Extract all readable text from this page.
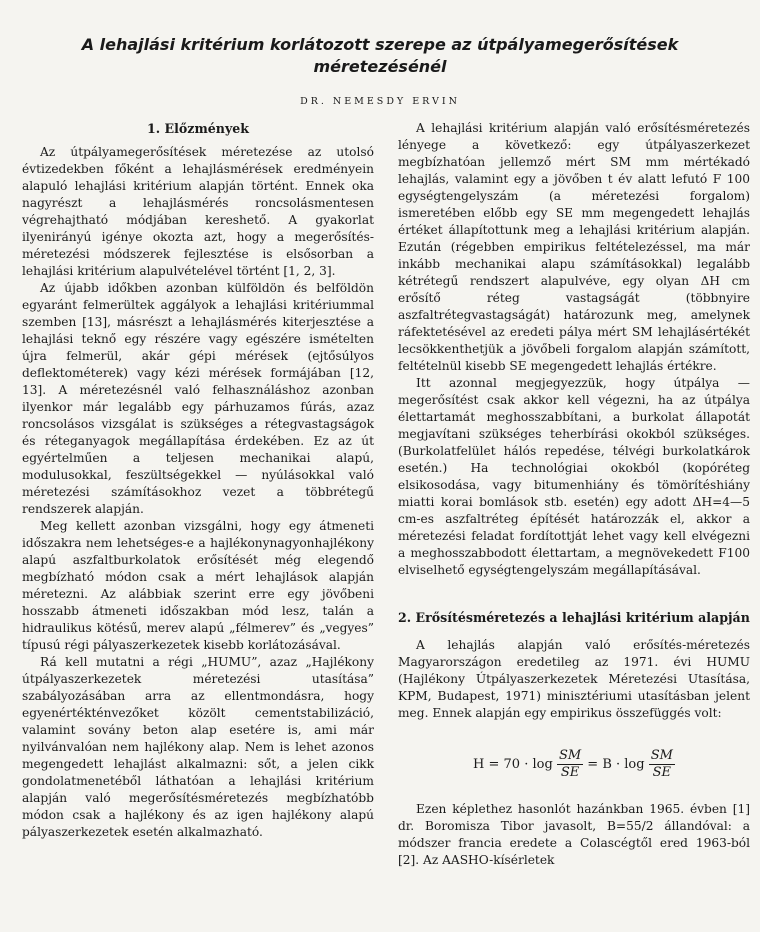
A lehajlási kritérium korlátozott szerepe az útpályamegerősítések
méretezésénél
DR. NEMESDY ERVIN
1. Előzmények

Az útpályamegerősítések méretezése az utolsó évtizedekben főként a lehajlásmérések eredményein alapuló lehajlási kritérium alapján történt. Ennek oka nagyrészt a lehajlásmérés roncsolásmentesen végrehajtható módjában kereshető. A gyakorlat ilyenirányú igénye okozta azt, hogy a megerősítés-méretezési módszerek fejlesztése is elsősorban a lehajlási kritérium alapulvételével történt [1, 2, 3].

Az újabb időkben azonban külföldön és belföldön egyaránt felmerültek aggályok a lehajlási kritériummal szemben [13], másrészt a lehajlásmérés kiterjesztése a lehajlási teknő egy részére vagy egészére ismételten újra felmerül, akár gépi mérések (ejtősúlyos deflektométerek) vagy kézi mérések formájában [12, 13]. A méretezésnél való felhasználáshoz azonban ilyenkor már legalább egy párhuzamos fúrás, azaz roncsolásos vizsgálat is szükséges a rétegvastagságok és réteganyagok megállapítása érdekében. Ez az út egyértelműen a teljesen mechanikai alapú, modulusokkal, feszültségekkel — nyúlásokkal való méretezési számításokhoz vezet a többrétegű rendszerek alapján.

Meg kellett azonban vizsgálni, hogy egy átmeneti időszakra nem lehetséges-e a hajlékonynagyonhajlékony alapú aszfaltburkolatok erősítését még elegendő megbízható módon csak a mért lehajlások alapján méretezni. Az alábbiak szerint erre egy jövőbeni hosszabb átmeneti időszakban mód lesz, talán a hidraulikus kötésű, merev alapú „félmerev” és „vegyes” típusú régi pályaszerkezetek kisebb korlátozásával.

Rá kell mutatni a régi „HUMU”, azaz „Hajlékony útpályaszerkezetek méretezési utasítása” szabályozásában arra az ellentmondásra, hogy egyenértékténvezőket közölt cementstabilizáció, valamint sovány beton alap esetére is, ami már nyilvánvalóan nem hajlékony alap. Nem is lehet azonos megengedett lehajlást alkalmazni: sőt, a jelen cikk gondolatmenetéből láthatóan a lehajlási kritérium alapján való megerősítésméretezés megbízhatóbb módon csak a hajlékony és az igen hajlékony alapú pályaszerkezetek esetén alkalmazható.

A lehajlási kritérium alapján való erősítésméretezés lényege a következő: egy útpályaszerkezet megbízhatóan jellemző mért SM mm mértékadó lehajlás, valamint egy a jövőben t év alatt lefutó F 100 egységtengelyszám (a méretezési forgalom) ismeretében előbb egy SE mm megengedett lehajlás értéket állapítottunk meg a lehajlási kritérium alapján. Ezután (régebben empirikus feltételezéssel, ma már inkább mechanikai alapu számításokkal) legalább kétrétegű rendszert alapulvéve, egy olyan ΔH cm erősítő réteg vastagságát (többnyire aszfaltrétegvastagságát) határozunk meg, amelynek ráfektetésével az eredeti pálya mért SM lehajlásértékét lecsökkenthetjük a jövőbeli forgalom alapján számított, feltételnül kisebb SE megengedett lehajlás értékre.

Itt azonnal megjegyezzük, hogy útpálya — megerősítést csak akkor kell végezni, ha az útpálya élettartamát meghosszabbítani, a burkolat állapotát megjavítani szükséges teherbírási okokból szükséges. (Burkolatfelület hálós repedése, télvégi burkolatkárok esetén.) Ha technológiai okokból (kopóréteg elsikosodása, vagy bitumenhiány és tömörítéshiány miatti korai bomlások stb. esetén) egy adott ΔH=4—5 cm-es aszfaltréteg építését határozzák el, akkor a méretezési feladat fordítottját lehet vagy kell elvégezni a meghosszabbodott élettartam, a megnövekedett F100 elviselhető egységtengelyszám megállapításával.

2. Erősítésméretezés a lehajlási kritérium alapján

A lehajlás alapján való erősítés-méretezés Magyarországon eredetileg az 1971. évi HUMU (Hajlékony Útpályaszerkezetek Méretezési Utasítása, KPM, Budapest, 1971) minisztériumi utasításban jelent meg. Ennek alapján egy empirikus összefüggés volt:

$H = 70 \cdot \log \frac{SM}{SE} = B \cdot \log \frac{SM}{SE}$

Ezen képlethez hasonlót hazánkban 1965. évben [1] dr. Boromisza Tibor javasolt, B=55/2 állandóval: a módszer francia eredete a Colascégtől ered 1963-ból [2]. Az AASHO-kísérletek
